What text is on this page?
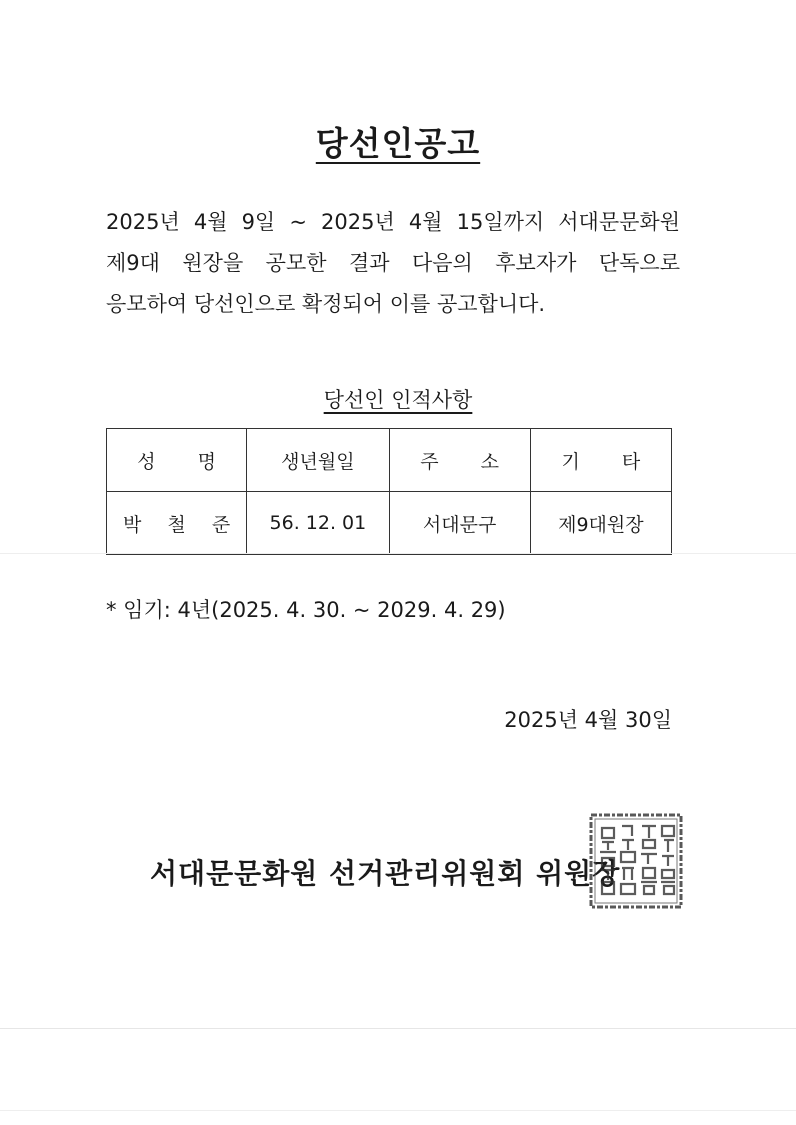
당선인공고
2025년 4월 9일 ~ 2025년 4월 15일까지 서대문문화원
제9대 원장을 공모한 결과 다음의 후보자가 단독으로
응모하여 당선인으로 확정되어 이를 공고합니다.
당선인 인적사항
성 명	생년월일	주 소	기 타
박 철 준	56. 12. 01	서대문구	제9대원장
* 임기: 4년(2025. 4. 30. ~ 2029. 4. 29)
2025년 4월 30일
서대문문화원 선거관리위원회 위원장
